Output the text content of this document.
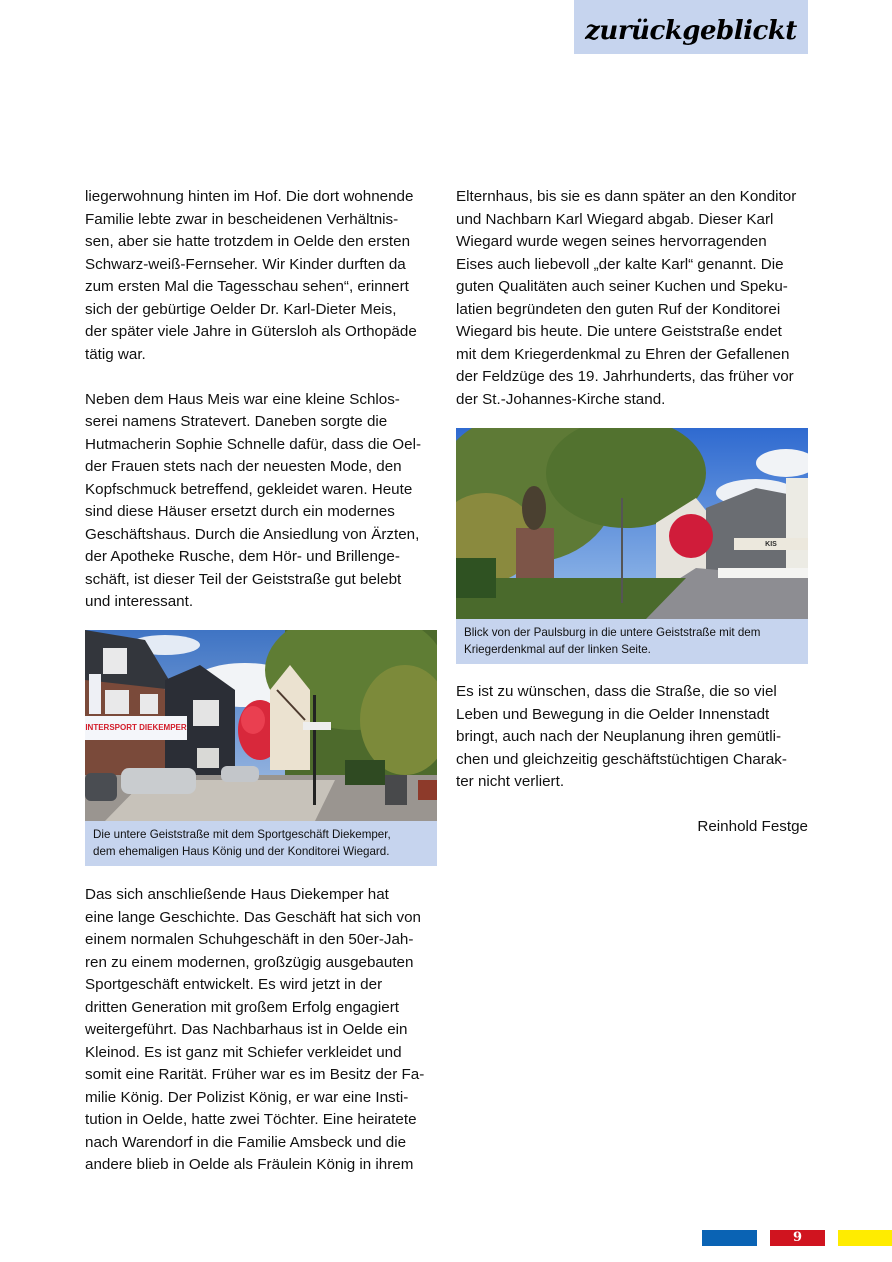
zurückgeblickt

liegerwohnung hinten im Hof. Die dort wohnende
Familie lebte zwar in bescheidenen Verhältnis-
sen, aber sie hatte trotzdem in Oelde den ersten
Schwarz-weiß-Fernseher. Wir Kinder durften da
zum ersten Mal die Tagesschau sehen“, erinnert
sich der gebürtige Oelder Dr. Karl-Dieter Meis,
der später viele Jahre in Gütersloh als Orthopäde
tätig war.

Neben dem Haus Meis war eine kleine Schlos-
serei namens Stratevert. Daneben sorgte die
Hutmacherin Sophie Schnelle dafür, dass die Oel-
der Frauen stets nach der neuesten Mode, den
Kopfschmuck betreffend, gekleidet waren. Heute
sind diese Häuser ersetzt durch ein modernes
Geschäftshaus. Durch die Ansiedlung von Ärzten,
der Apotheke Rusche, dem Hör- und Brillenge-
schäft, ist dieser Teil der Geiststraße gut belebt
und interessant.

Das sich anschließende Haus Diekemper hat
eine lange Geschichte. Das Geschäft hat sich von
einem normalen Schuhgeschäft in den 50er-Jah-
ren zu einem modernen, großzügig ausgebauten
Sportgeschäft entwickelt. Es wird jetzt in der
dritten Generation mit großem Erfolg engagiert
weitergeführt. Das Nachbarhaus ist in Oelde ein
Kleinod. Es ist ganz mit Schiefer verkleidet und
somit eine Rarität. Früher war es im Besitz der Fa-
milie König. Der Polizist König, er war eine Insti-
tution in Oelde, hatte zwei Töchter. Eine heiratete
nach Warendorf in die Familie Amsbeck und die
andere blieb in Oelde als Fräulein König in ihrem

INTERSPORT DIEKEMPER
Die untere Geiststraße mit dem Sportgeschäft Diekemper,
dem ehemaligen Haus König und der Konditorei Wiegard.

Elternhaus, bis sie es dann später an den Konditor
und Nachbarn Karl Wiegard abgab. Dieser Karl
Wiegard wurde wegen seines hervorragenden
Eises auch liebevoll „der kalte Karl“ genannt. Die
guten Qualitäten auch seiner Kuchen und Speku-
latien begründeten den guten Ruf der Konditorei
Wiegard bis heute. Die untere Geiststraße endet
mit dem Kriegerdenkmal zu Ehren der Gefallenen
der Feldzüge des 19. Jahrhunderts, das früher vor
der St.-Johannes-Kirche stand.

KIS
Blick von der Paulsburg in die untere Geiststraße mit dem
Kriegerdenkmal auf der linken Seite.

Es ist zu wünschen, dass die Straße, die so viel
Leben und Bewegung in die Oelder Innenstadt
bringt, auch nach der Neuplanung ihren gemütli-
chen und gleichzeitig geschäftstüchtigen Charak-
ter nicht verliert.

Reinhold Festge
9
